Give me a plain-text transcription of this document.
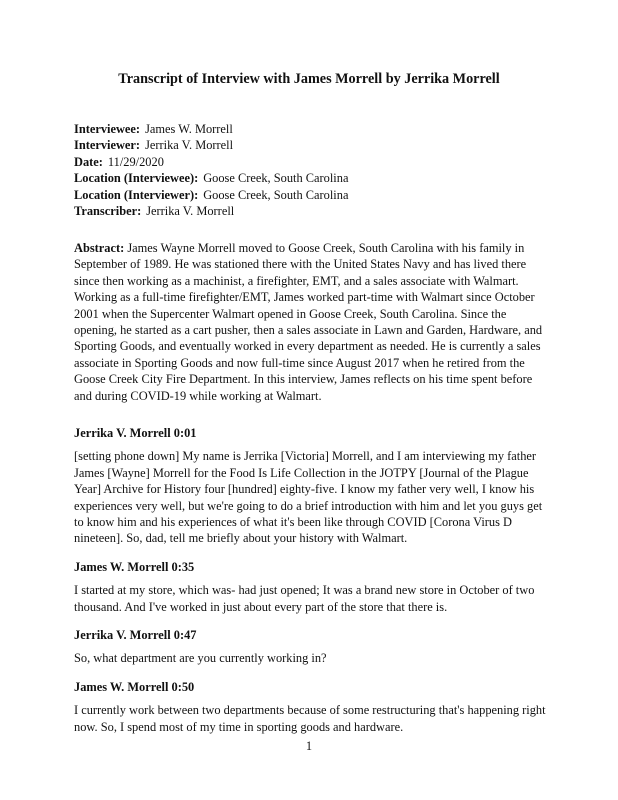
Transcript of Interview with James Morrell by Jerrika Morrell
Interviewee: James W. Morrell
Interviewer: Jerrika V. Morrell
Date: 11/29/2020
Location (Interviewee): Goose Creek, South Carolina
Location (Interviewer): Goose Creek, South Carolina
Transcriber: Jerrika V. Morrell
Abstract: James Wayne Morrell moved to Goose Creek, South Carolina with his family in September of 1989. He was stationed there with the United States Navy and has lived there since then working as a machinist, a firefighter, EMT, and a sales associate with Walmart. Working as a full-time firefighter/EMT, James worked part-time with Walmart since October 2001 when the Supercenter Walmart opened in Goose Creek, South Carolina. Since the opening, he started as a cart pusher, then a sales associate in Lawn and Garden, Hardware, and Sporting Goods, and eventually worked in every department as needed. He is currently a sales associate in Sporting Goods and now full-time since August 2017 when he retired from the Goose Creek City Fire Department. In this interview, James reflects on his time spent before and during COVID-19 while working at Walmart.
Jerrika V. Morrell 0:01
[setting phone down] My name is Jerrika [Victoria] Morrell, and I am interviewing my father James [Wayne] Morrell for the Food Is Life Collection in the JOTPY [Journal of the Plague Year] Archive for History four [hundred] eighty-five. I know my father very well, I know his experiences very well, but we're going to do a brief introduction with him and let you guys get to know him and his experiences of what it's been like through COVID [Corona Virus D nineteen]. So, dad, tell me briefly about your history with Walmart.
James W. Morrell 0:35
I started at my store, which was- had just opened; It was a brand new store in October of two thousand. And I've worked in just about every part of the store that there is.
Jerrika V. Morrell 0:47
So, what department are you currently working in?
James W. Morrell 0:50
I currently work between two departments because of some restructuring that's happening right now. So, I spend most of my time in sporting goods and hardware.
1
